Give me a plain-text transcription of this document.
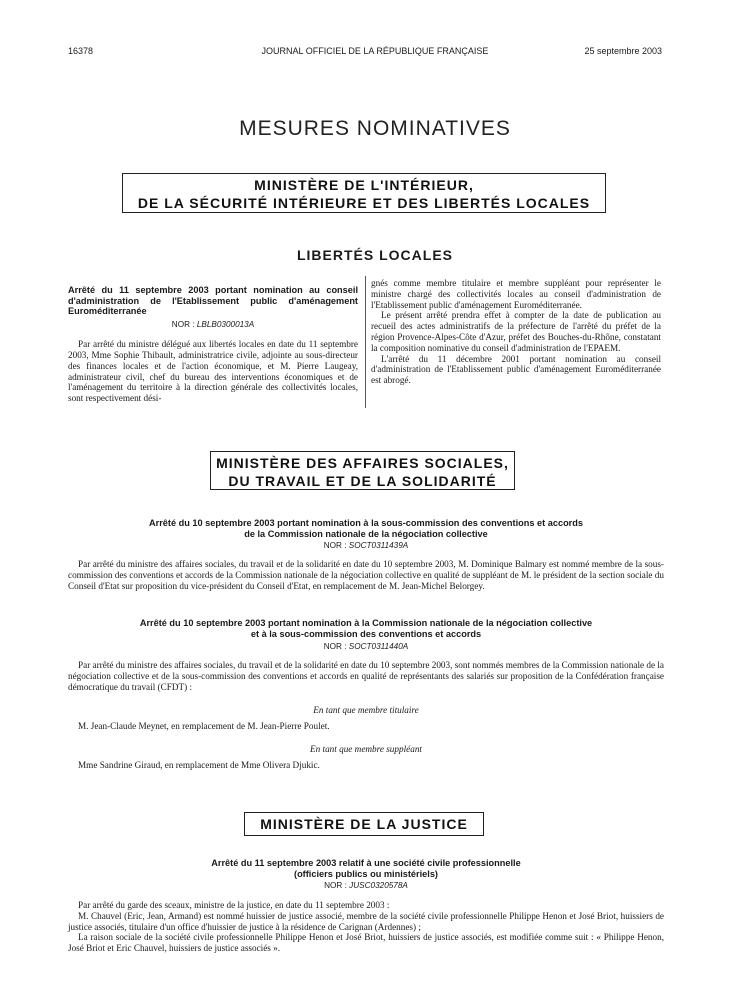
16378	JOURNAL OFFICIEL DE LA RÉPUBLIQUE FRANÇAISE	25 septembre 2003
MESURES NOMINATIVES
MINISTÈRE DE L'INTÉRIEUR,
DE LA SÉCURITÉ INTÉRIEURE ET DES LIBERTÉS LOCALES
LIBERTÉS LOCALES
Arrêté du 11 septembre 2003 portant nomination au conseil d'administration de l'Etablissement public d'aménagement Euroméditerranée
NOR : LBLB0300013A

Par arrêté du ministre délégué aux libertés locales en date du 11 septembre 2003, Mme Sophie Thibault, administratrice civile, adjointe au sous-directeur des finances locales et de l'action économique, et M. Pierre Laugeay, administrateur civil, chef du bureau des interventions économiques et de l'aménagement du territoire à la direction générale des collectivités locales, sont respectivement dési-

gnés comme membre titulaire et membre suppléant pour représenter le ministre chargé des collectivités locales au conseil d'administration de l'Etablissement public d'aménagement Euroméditerranée.

Le présent arrêté prendra effet à compter de la date de publication au recueil des actes administratifs de la préfecture de l'arrêté du préfet de la région Provence-Alpes-Côte d'Azur, préfet des Bouches-du-Rhône, constatant la composition nominative du conseil d'administration de l'EPAEM.

L'arrêté du 11 décembre 2001 portant nomination au conseil d'administration de l'Etablissement public d'aménagement Euroméditerranée est abrogé.

MINISTÈRE DES AFFAIRES SOCIALES,
DU TRAVAIL ET DE LA SOLIDARITÉ
Arrêté du 10 septembre 2003 portant nomination à la sous-commission des conventions et accords
de la Commission nationale de la négociation collective
NOR : SOCT0311439A

Par arrêté du ministre des affaires sociales, du travail et de la solidarité en date du 10 septembre 2003, M. Dominique Balmary est nommé membre de la sous-commission des conventions et accords de la Commission nationale de la négociation collective en qualité de suppléant de M. le président de la section sociale du Conseil d'Etat sur proposition du vice-président du Conseil d'Etat, en remplacement de M. Jean-Michel Belorgey.

Arrêté du 10 septembre 2003 portant nomination à la Commission nationale de la négociation collective
et à la sous-commission des conventions et accords
NOR : SOCT0311440A

Par arrêté du ministre des affaires sociales, du travail et de la solidarité en date du 10 septembre 2003, sont nommés membres de la Commission nationale de la négociation collective et de la sous-commission des conventions et accords en qualité de représentants des salariés sur proposition de la Confédération française démocratique du travail (CFDT) :

En tant que membre titulaire
M. Jean-Claude Meynet, en remplacement de M. Jean-Pierre Poulet.
En tant que membre suppléant
Mme Sandrine Giraud, en remplacement de Mme Olivera Djukic.
MINISTÈRE DE LA JUSTICE
Arrêté du 11 septembre 2003 relatif à une société civile professionnelle
(officiers publics ou ministériels)
NOR : JUSC0320578A

Par arrêté du garde des sceaux, ministre de la justice, en date du 11 septembre 2003 :

M. Chauvel (Eric, Jean, Armand) est nommé huissier de justice associé, membre de la société civile professionnelle Philippe Henon et José Briot, huissiers de justice associés, titulaire d'un office d'huissier de justice à la résidence de Carignan (Ardennes) ;

La raison sociale de la société civile professionnelle Philippe Henon et José Briot, huissiers de justice associés, est modifiée comme suit : « Philippe Henon, José Briot et Eric Chauvel, huissiers de justice associés ».
